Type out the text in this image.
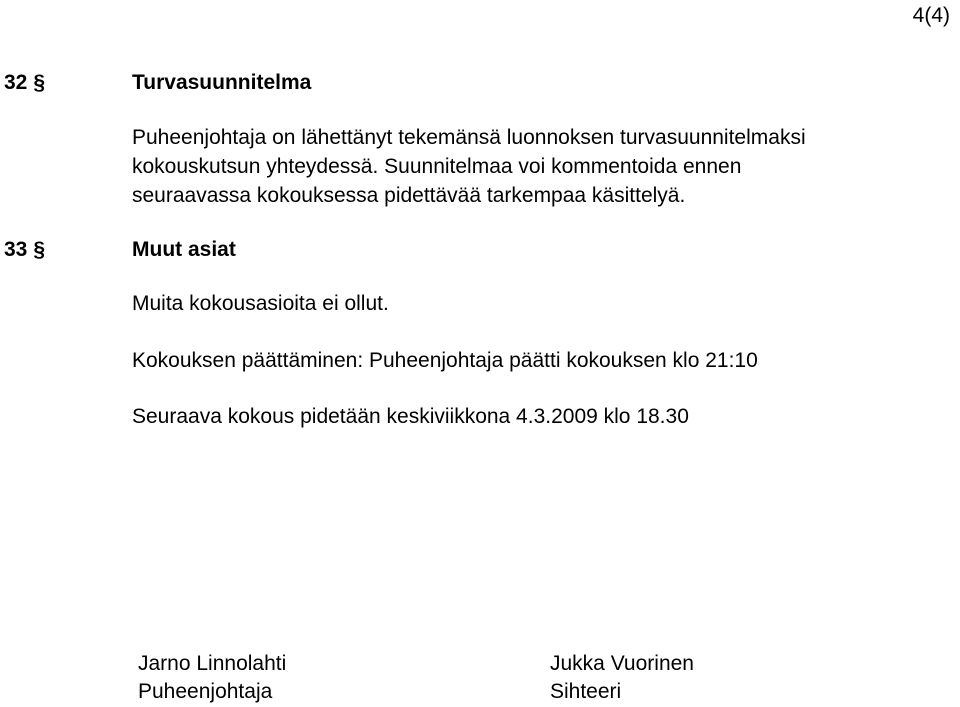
4(4)
32 §	Turvasuunnitelma
Puheenjohtaja on lähettänyt tekemänsä luonnoksen turvasuunnitelmaksi
kokouskutsun yhteydessä. Suunnitelmaa voi kommentoida ennen
seuraavassa kokouksessa pidettävää tarkempaa käsittelyä.
33 §	Muut asiat
Muita kokousasioita ei ollut.
Kokouksen päättäminen: Puheenjohtaja päätti kokouksen klo 21:10
Seuraava kokous pidetään keskiviikkona 4.3.2009 klo 18.30
Jarno Linnolahti
Puheenjohtaja
Jukka Vuorinen
Sihteeri
